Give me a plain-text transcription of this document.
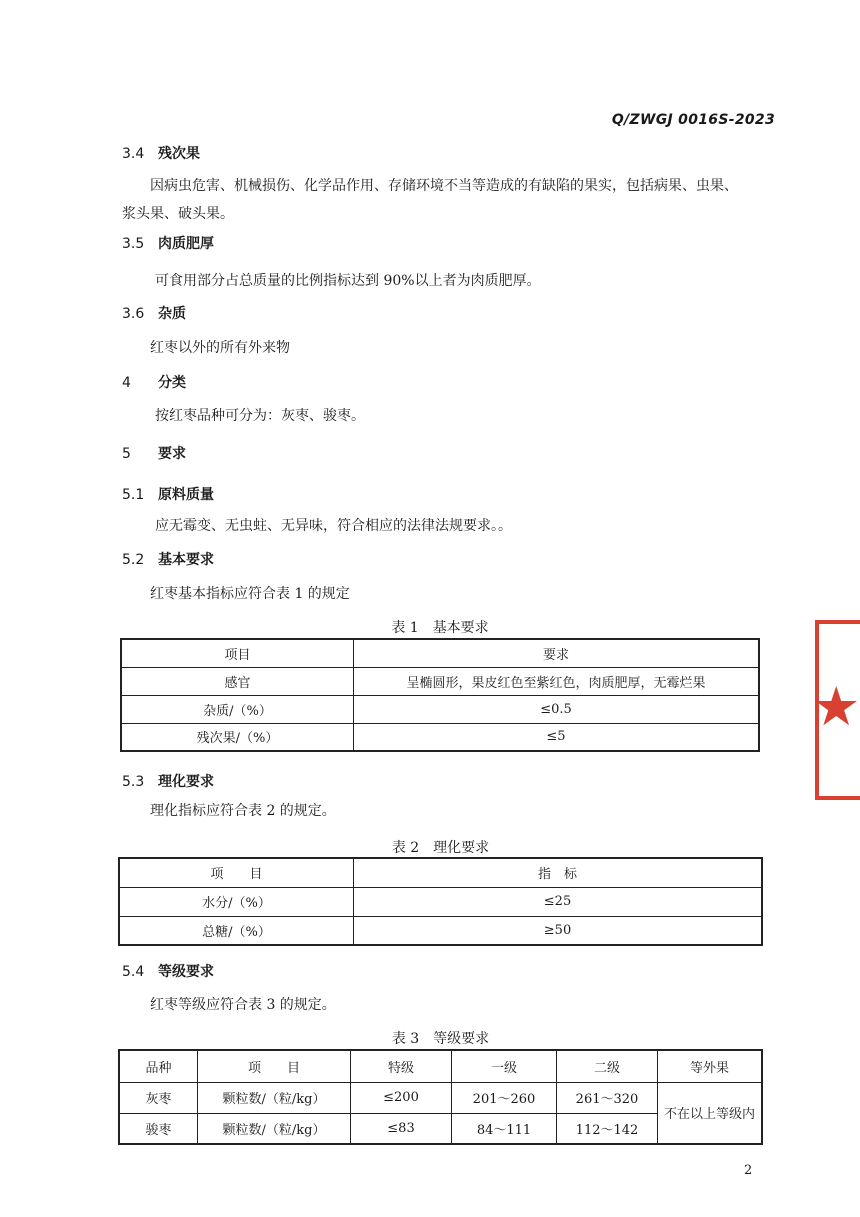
Q/ZWGJ 0016S-2023
3.4 残次果
因病虫危害、机械损伤、化学品作用、存储环境不当等造成的有缺陷的果实，包括病果、虫果、
浆头果、破头果。
3.5 肉质肥厚
可食用部分占总质量的比例指标达到 90%以上者为肉质肥厚。
3.6 杂质
红枣以外的所有外来物
4 分类
按红枣品种可分为：灰枣、骏枣。
5 要求
5.1 原料质量
应无霉变、无虫蛀、无异味，符合相应的法律法规要求。。
5.2 基本要求
红枣基本指标应符合表 1 的规定
表 1　基本要求
项目	要求
感官	呈椭圆形，果皮红色至紫红色，肉质肥厚，无霉烂果
杂质/（%）	≤0.5
残次果/（%）	≤5
5.3 理化要求
理化指标应符合表 2 的规定。
表 2　理化要求
项　　目	指　标
水分/（%）	≤25
总糖/（%）	≥50
5.4 等级要求
红枣等级应符合表 3 的规定。
表 3　等级要求
品种	项　　目	特级	一级	二级	等外果
灰枣	颗粒数/（粒/kg）	≤200	201～260	261～320	不在以上等级内
骏枣	颗粒数/（粒/kg）	≤83	84～111	112～142	
2
★
